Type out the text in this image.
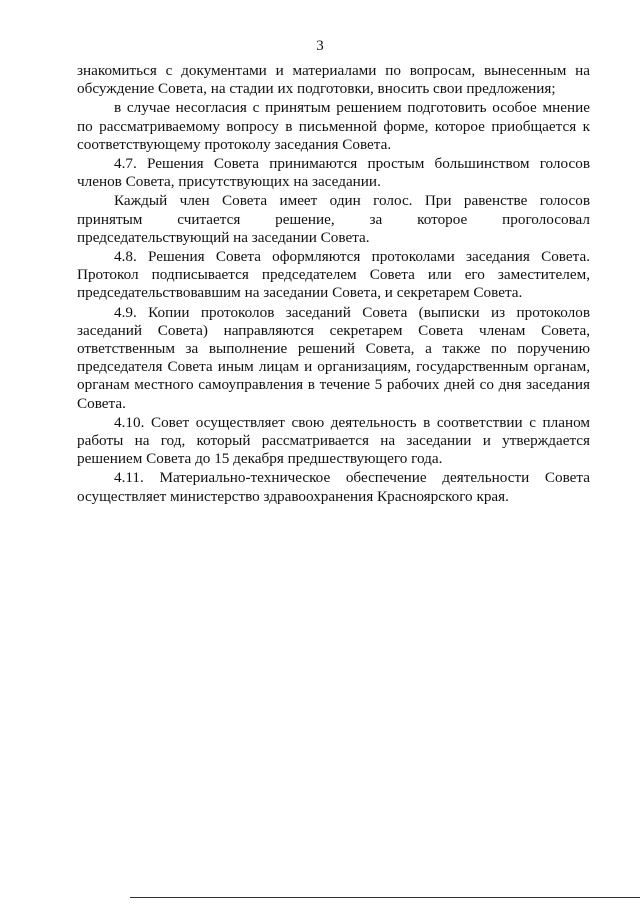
3

знакомиться с документами и материалами по вопросам, вынесенным на обсуждение Совета, на стадии их подготовки, вносить свои предложения;

в случае несогласия с принятым решением подготовить особое мнение по рассматриваемому вопросу в письменной форме, которое приобщается к соответствующему протоколу заседания Совета.

4.7. Решения Совета принимаются простым большинством голосов членов Совета, присутствующих на заседании.

Каждый член Совета имеет один голос. При равенстве голосов принятым считается решение, за которое проголосовал председательствующий на заседании Совета.

4.8. Решения Совета оформляются протоколами заседания Совета. Протокол подписывается председателем Совета или его заместителем, председательствовавшим на заседании Совета, и секретарем Совета.

4.9. Копии протоколов заседаний Совета (выписки из протоколов заседаний Совета) направляются секретарем Совета членам Совета, ответственным за выполнение решений Совета, а также по поручению председателя Совета иным лицам и организациям, государственным органам, органам местного самоуправления в течение 5 рабочих дней со дня заседания Совета.

4.10. Совет осуществляет свою деятельность в соответствии с планом работы на год, который рассматривается на заседании и утверждается решением Совета до 15 декабря предшествующего года.

4.11. Материально-техническое обеспечение деятельности Совета осуществляет министерство здравоохранения Красноярского края.
